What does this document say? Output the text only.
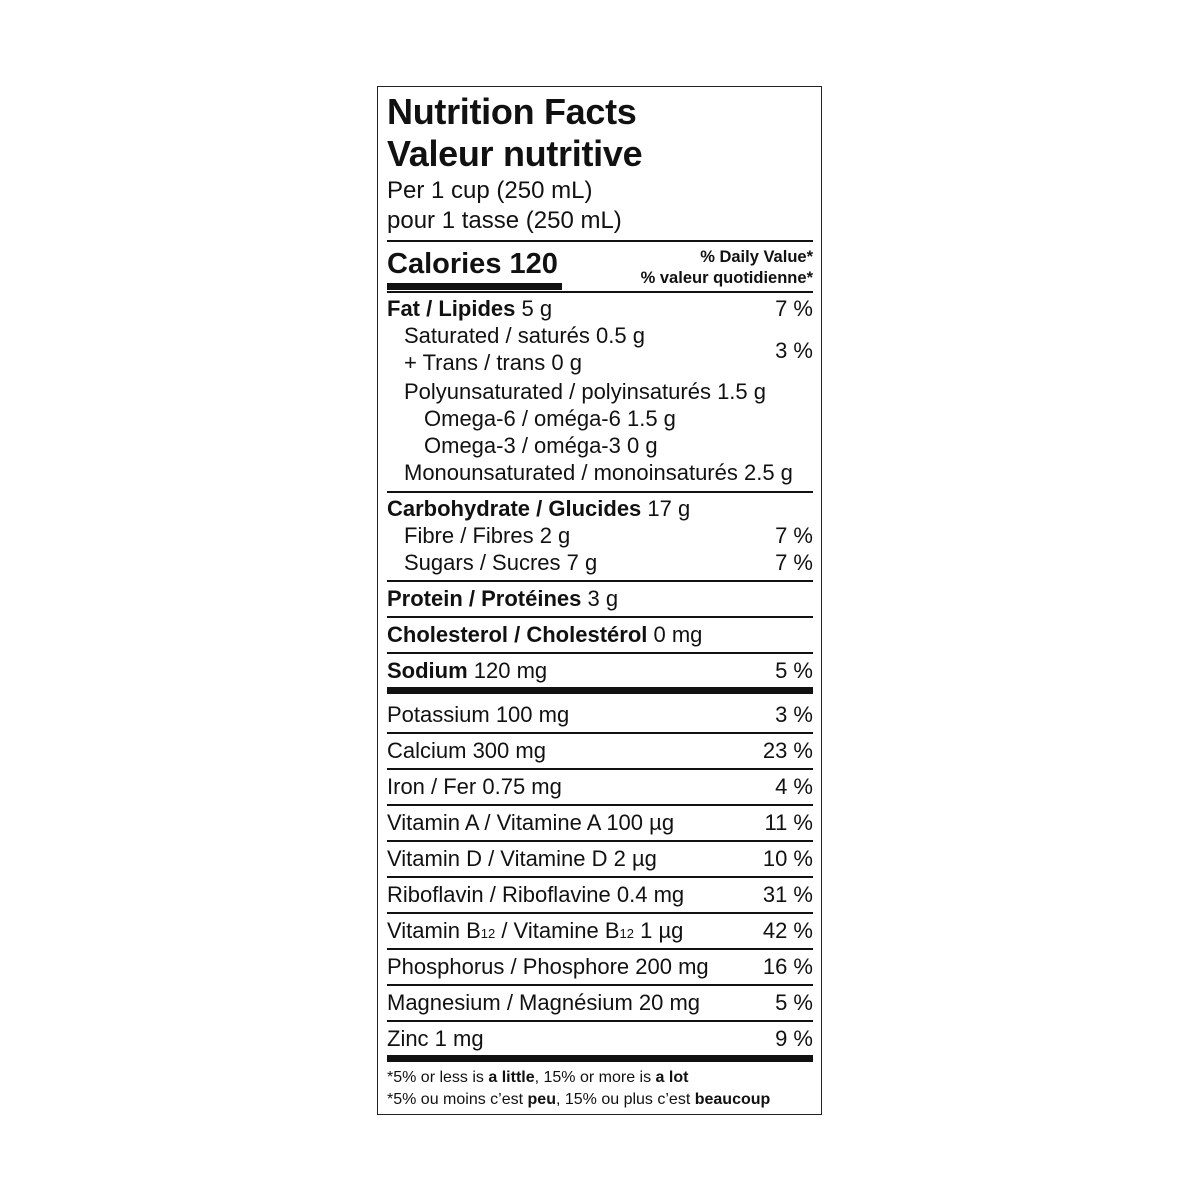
Nutrition Facts
Valeur nutritive
Per 1 cup (250 mL)
pour 1 tasse (250 mL)
Calories 120	% Daily Value*
% valeur quotidienne*
Fat / Lipides 5 g	7 %
Saturated / saturés 0.5 g
+ Trans / trans 0 g	3 %
Polyunsaturated / polyinsaturés 1.5 g
Omega-6 / oméga-6 1.5 g
Omega-3 / oméga-3 0 g
Monounsaturated / monoinsaturés 2.5 g
Carbohydrate / Glucides 17 g
Fibre / Fibres 2 g	7 %
Sugars / Sucres 7 g	7 %
Protein / Protéines 3 g
Cholesterol / Cholestérol 0 mg
Sodium 120 mg	5 %
Potassium 100 mg	3 %
Calcium 300 mg	23 %
Iron / Fer 0.75 mg	4 %
Vitamin A / Vitamine A 100 µg	11 %
Vitamin D / Vitamine D 2 µg	10 %
Riboflavin / Riboflavine 0.4 mg	31 %
Vitamin B12 / Vitamine B12 1 µg	42 %
Phosphorus / Phosphore 200 mg 16 %
Magnesium / Magnésium 20 mg	5 %
Zinc 1 mg	9 %
*5% or less is a little, 15% or more is a lot
*5% ou moins c’est peu, 15% ou plus c’est beaucoup
